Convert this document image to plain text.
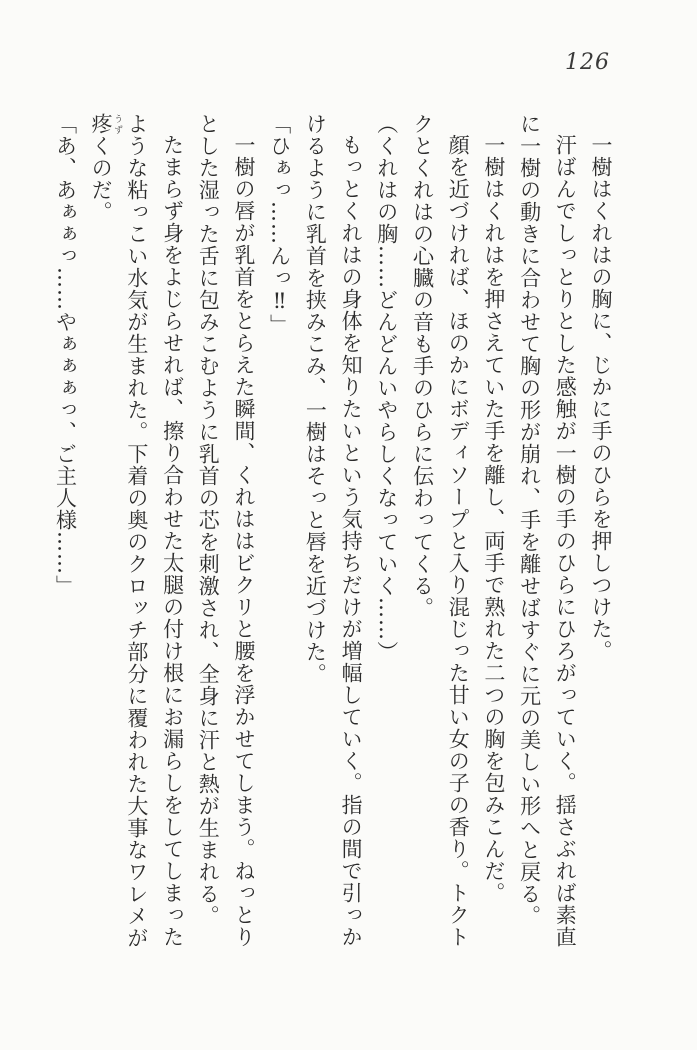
126

一樹はくれはの胸に、じかに手のひらを押しつけた。

汗ばんでしっとりとした感触が一樹の手のひらにひろがっていく。揺さぶれば素直に一樹の動きに合わせて胸の形が崩れ、手を離せばすぐに元の美しい形へと戻る。

一樹はくれはを押さえていた手を離し、両手で熟れた二つの胸を包みこんだ。

顔を近づければ、ほのかにボディソープと入り混じった甘い女の子の香り。トクトクとくれはの心臓の音も手のひらに伝わってくる。

（くれはの胸……どんどんいやらしくなっていく……）

もっとくれはの身体を知りたいという気持ちだけが増幅していく。指の間で引っかけるように乳首を挟みこみ、一樹はそっと唇を近づけた。

「ひぁっ……んっ‼」

一樹の唇が乳首をとらえた瞬間、くれははビクリと腰を浮かせてしまう。ねっとりとした湿った舌に包みこむように乳首の芯を刺激され、全身に汗と熱が生まれる。

たまらず身をよじらせれば、擦り合わせた太腿の付け根にお漏らしをしてしまったような粘っこい水気が生まれた。下着の奥のクロッチ部分に覆われた大事なワレメが疼 うずくのだ。

「あ、あぁぁっ……やぁぁぁっ、ご主人様……」
